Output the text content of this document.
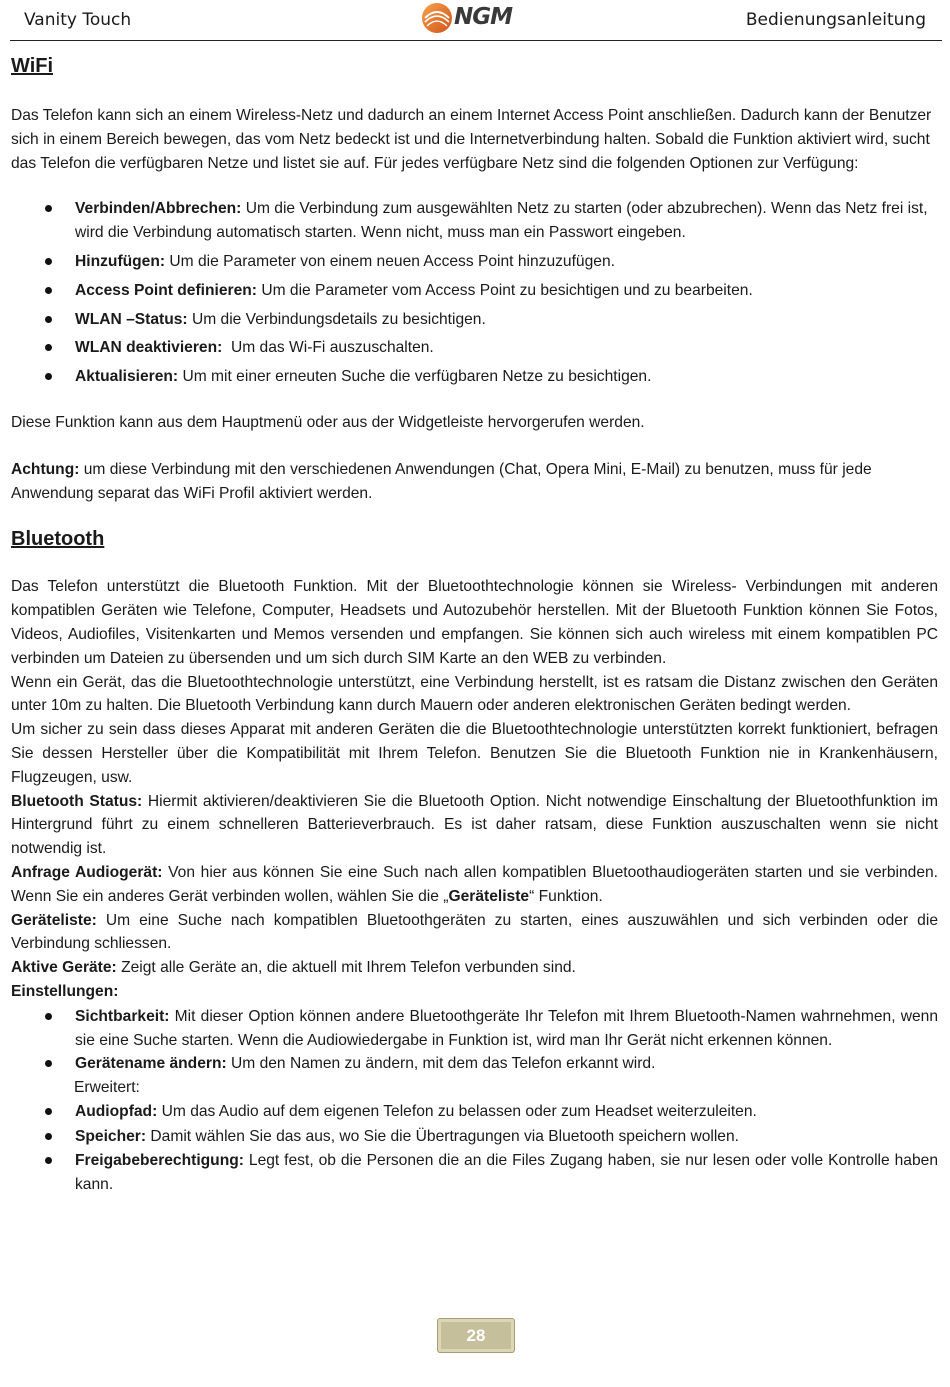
Vanity Touch	NGM	Bedienungsanleitung
WiFi

Das Telefon kann sich an einem Wireless-Netz und dadurch an einem Internet Access Point anschließen. Dadurch kann der Benutzer sich in einem Bereich bewegen, das vom Netz bedeckt ist und die Internetverbindung halten. Sobald die Funktion aktiviert wird, sucht das Telefon die verfügbaren Netze und listet sie auf. Für jedes verfügbare Netz sind die folgenden Optionen zur Verfügung:

Verbinden/Abbrechen: Um die Verbindung zum ausgewählten Netz zu starten (oder abzubrechen). Wenn das Netz frei ist, wird die Verbindung automatisch starten. Wenn nicht, muss man ein Passwort eingeben.
Hinzufügen: Um die Parameter von einem neuen Access Point hinzuzufügen.
Access Point definieren: Um die Parameter vom Access Point zu besichtigen und zu bearbeiten.
WLAN –Status: Um die Verbindungsdetails zu besichtigen.
WLAN deaktivieren:  Um das Wi-Fi auszuschalten.
Aktualisieren: Um mit einer erneuten Suche die verfügbaren Netze zu besichtigen.

Diese Funktion kann aus dem Hauptmenü oder aus der Widgetleiste hervorgerufen werden.

Achtung: um diese Verbindung mit den verschiedenen Anwendungen (Chat, Opera Mini, E-Mail) zu benutzen, muss für jede Anwendung separat das WiFi Profil aktiviert werden.

Bluetooth

Das Telefon unterstützt die Bluetooth Funktion. Mit der Bluetoothtechnologie können sie Wireless- Verbindungen mit anderen kompatiblen Geräten wie Telefone, Computer, Headsets und Autozubehör herstellen. Mit der Bluetooth Funktion können Sie Fotos, Videos, Audiofiles, Visitenkarten und Memos versenden und empfangen. Sie können sich auch wireless mit einem kompatiblen PC verbinden um Dateien zu übersenden und um sich durch SIM Karte an den WEB zu verbinden.

Wenn ein Gerät, das die Bluetoothtechnologie unterstützt, eine Verbindung herstellt, ist es ratsam die Distanz zwischen den Geräten unter 10m zu halten. Die Bluetooth Verbindung kann durch Mauern oder anderen elektronischen Geräten bedingt werden.

Um sicher zu sein dass dieses Apparat mit anderen Geräten die die Bluetoothtechnologie unterstützten korrekt funktioniert, befragen Sie dessen Hersteller über die Kompatibilität mit Ihrem Telefon. Benutzen Sie die Bluetooth Funktion nie in Krankenhäusern, Flugzeugen, usw.

Bluetooth Status: Hiermit aktivieren/deaktivieren Sie die Bluetooth Option. Nicht notwendige Einschaltung der Bluetoothfunktion im Hintergrund führt zu einem schnelleren Batterieverbrauch. Es ist daher ratsam, diese Funktion auszuschalten wenn sie nicht notwendig ist.

Anfrage Audiogerät: Von hier aus können Sie eine Such nach allen kompatiblen Bluetoothaudiogeräten starten und sie verbinden. Wenn Sie ein anderes Gerät verbinden wollen, wählen Sie die „Geräteliste“ Funktion.

Geräteliste: Um eine Suche nach kompatiblen Bluetoothgeräten zu starten, eines auszuwählen und sich verbinden oder die Verbindung schliessen.

Aktive Geräte: Zeigt alle Geräte an, die aktuell mit Ihrem Telefon verbunden sind.

Einstellungen:

Sichtbarkeit: Mit dieser Option können andere Bluetoothgeräte Ihr Telefon mit Ihrem Bluetooth-Namen wahrnehmen, wenn sie eine Suche starten. Wenn die Audiowiedergabe in Funktion ist, wird man Ihr Gerät nicht erkennen können.
Gerätename ändern: Um den Namen zu ändern, mit dem das Telefon erkannt wird.

Erweitert:

Audiopfad: Um das Audio auf dem eigenen Telefon zu belassen oder zum Headset weiterzuleiten.
Speicher: Damit wählen Sie das aus, wo Sie die Übertragungen via Bluetooth speichern wollen.
Freigabeberechtigung: Legt fest, ob die Personen die an die Files Zugang haben, sie nur lesen oder volle Kontrolle haben kann.
28
